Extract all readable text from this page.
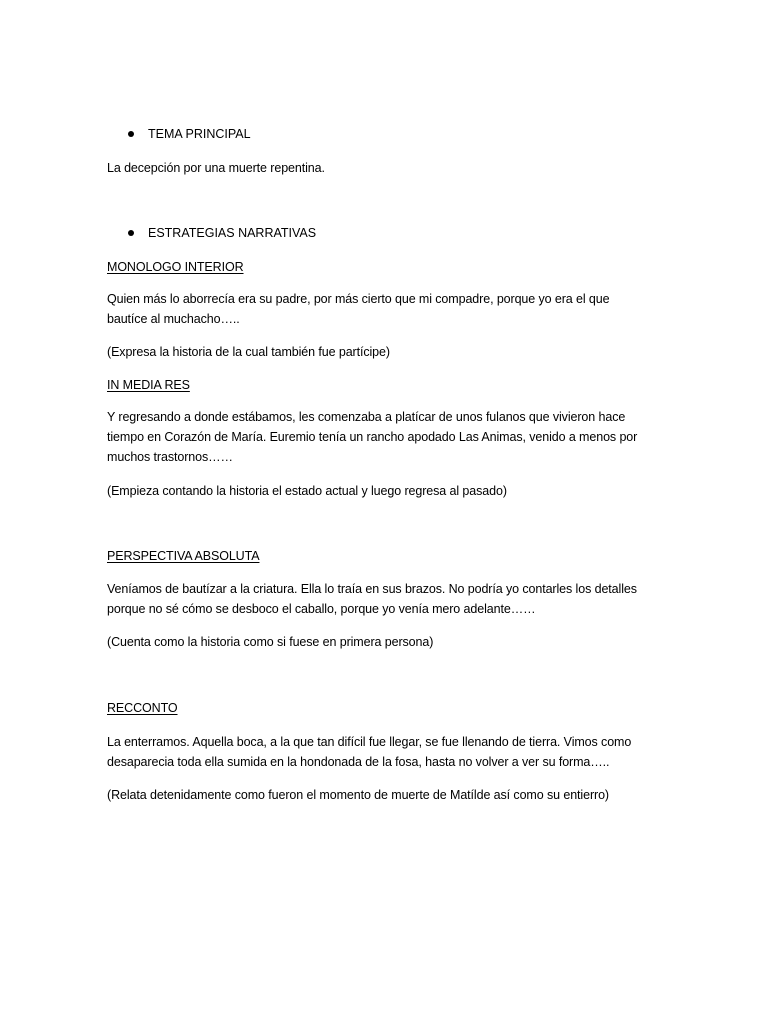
TEMA PRINCIPAL

La decepción por una muerte repentina.

ESTRATEGIAS NARRATIVAS

MONOLOGO INTERIOR

Quien más lo aborrecía era su padre, por más cierto que mi compadre, porque yo era el que

bautíce al muchacho…..

(Expresa la historia de la cual también fue partícipe)

IN MEDIA RES

Y regresando a donde estábamos, les comenzaba a platícar de unos fulanos que vivieron hace

tiempo en Corazón de María. Euremio tenía un rancho apodado Las Animas, venido a menos por

muchos trastornos……

(Empieza contando la historia el estado actual y luego regresa al pasado)

PERSPECTIVA ABSOLUTA

Veníamos de bautízar a la criatura. Ella lo traía en sus brazos. No podría yo contarles los detalles

porque no sé cómo se desboco el caballo, porque yo venía mero adelante……

(Cuenta como la historia como si fuese en primera persona)

RECCONTO

La enterramos. Aquella boca, a la que tan difícil fue llegar, se fue llenando de tierra. Vimos como

desaparecia toda ella sumida en la hondonada de la fosa, hasta no volver a ver su forma…..

(Relata detenidamente como fueron el momento de muerte de Matílde así como su entierro)
